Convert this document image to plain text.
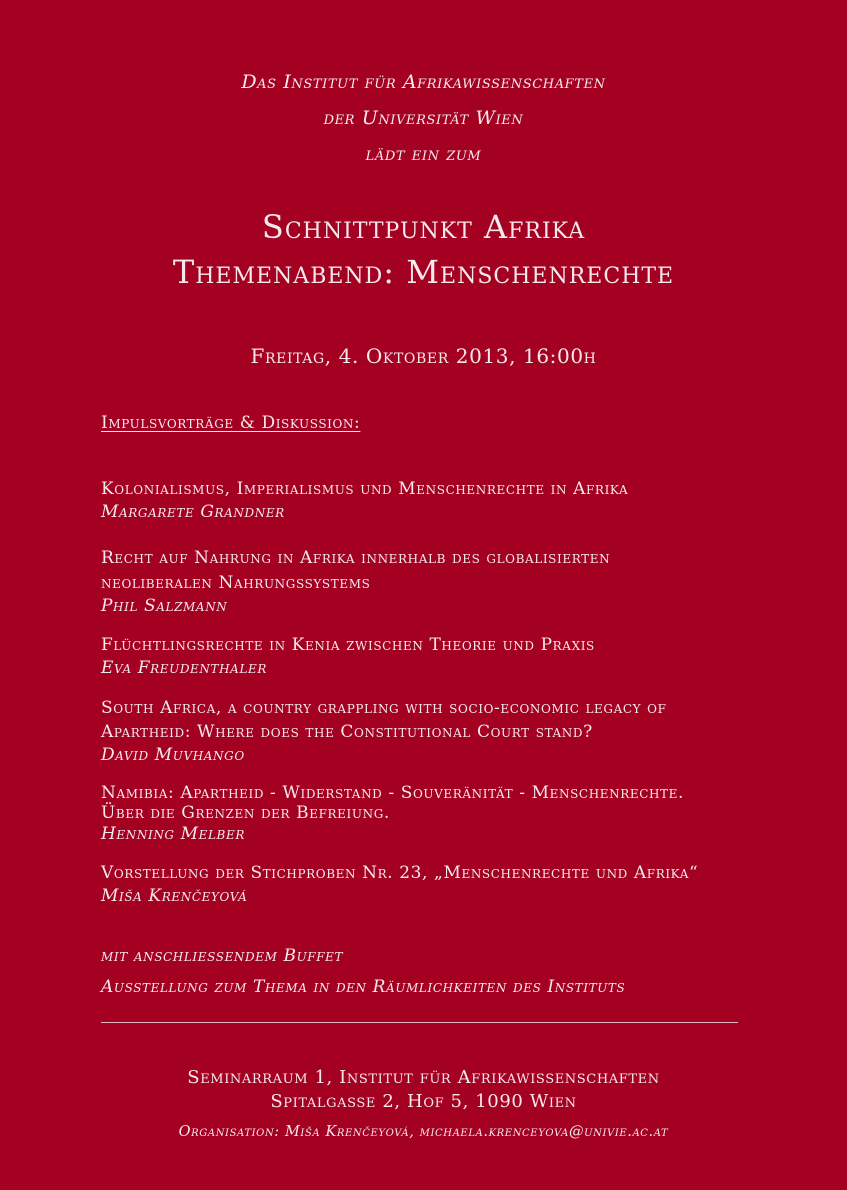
Das Institut für Afrikawissenschaften
der Universität Wien
lädt ein zum
Schnittpunkt Afrika
Themenabend: Menschenrechte
Freitag, 4. Oktober 2013, 16:00h
Impulsvorträge & Diskussion:
Kolonialismus, Imperialismus und Menschenrechte in Afrika
Margarete Grandner
Recht auf Nahrung in Afrika innerhalb des globalisierten
neoliberalen Nahrungssystems
Phil Salzmann
Flüchtlingsrechte in Kenia zwischen Theorie und Praxis
Eva Freudenthaler
South Africa, a country grappling with socio-economic legacy of
Apartheid: Where does the Constitutional Court stand?
David Muvhango
Namibia: Apartheid - Widerstand - Souveränität - Menschenrechte.
Über die Grenzen der Befreiung.
Henning Melber
Vorstellung der Stichproben Nr. 23, „Menschenrechte und Afrika“
Miša Krenčeyová
mit anschliessendem Buffet
Ausstellung zum Thema in den Räumlichkeiten des Instituts
Seminarraum 1, Institut für Afrikawissenschaften
Spitalgasse 2, Hof 5, 1090 Wien
Organisation: Miša Krenčeyová, michaela.krenceyova@univie.ac.at
